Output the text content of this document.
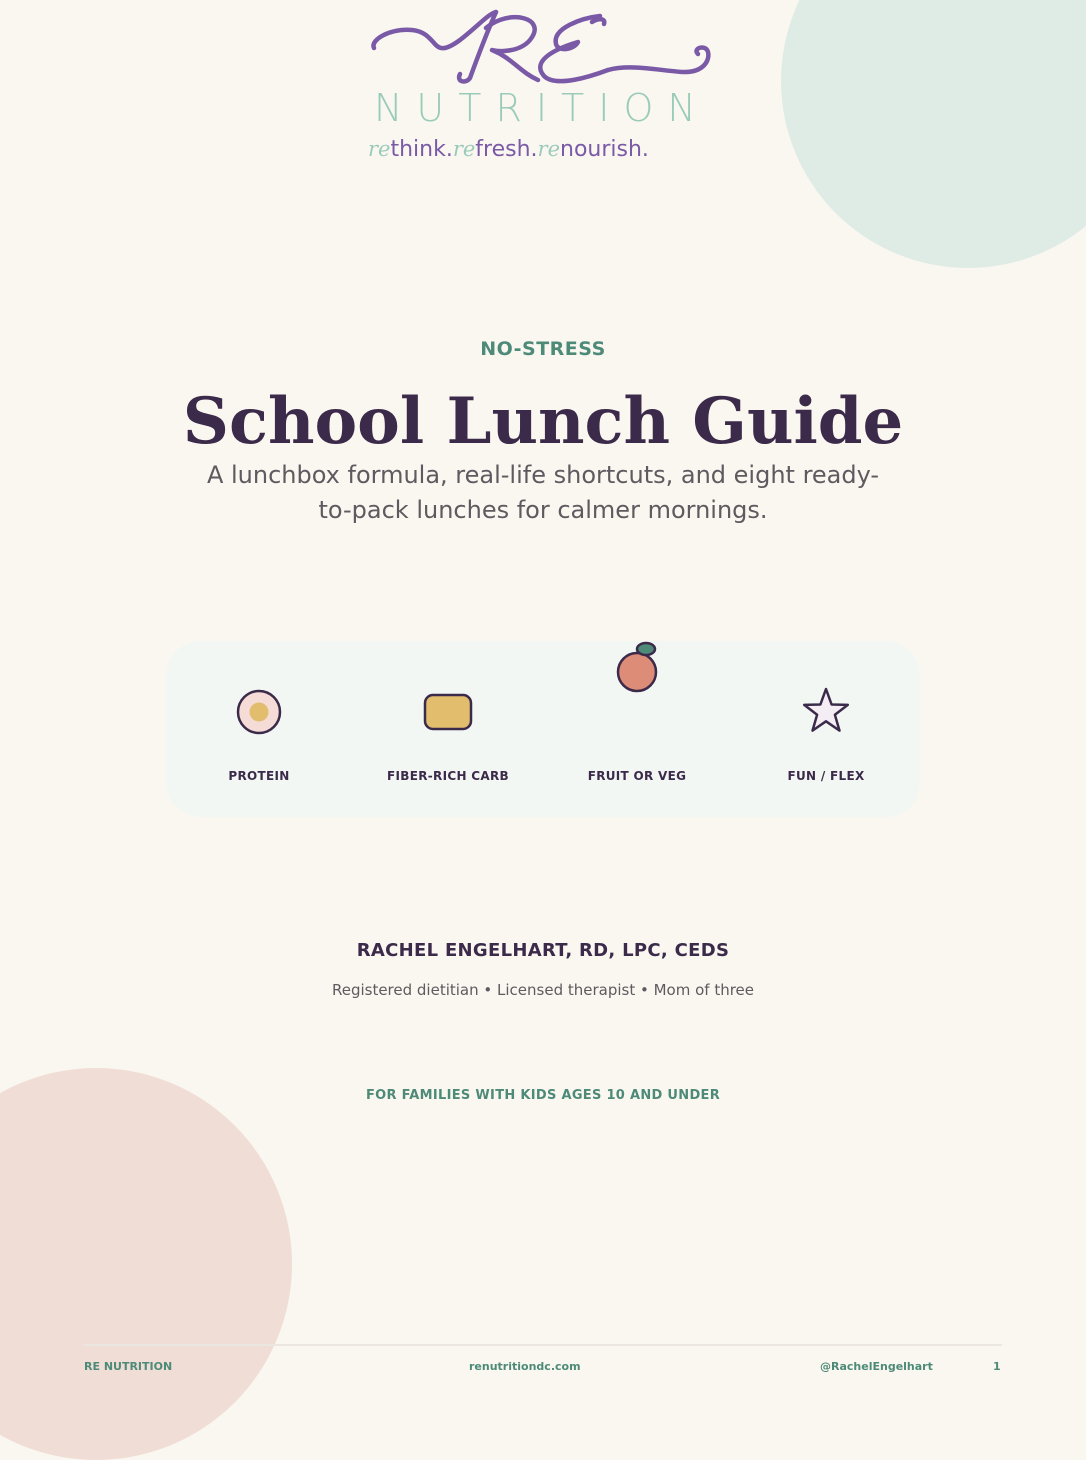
NUTRITION
rethink.refresh.renourish.
NO-STRESS
School Lunch Guide
A lunchbox formula, real-life shortcuts, and eight ready-to-pack lunches for calmer mornings.
PROTEIN	FIBER-RICH CARB	FRUIT OR VEG	FUN / FLEX
RACHEL ENGELHART, RD, LPC, CEDS
Registered dietitian • Licensed therapist • Mom of three
FOR FAMILIES WITH KIDS AGES 10 AND UNDER
RE NUTRITION	renutritiondc.com	@RachelEngelhart	1
